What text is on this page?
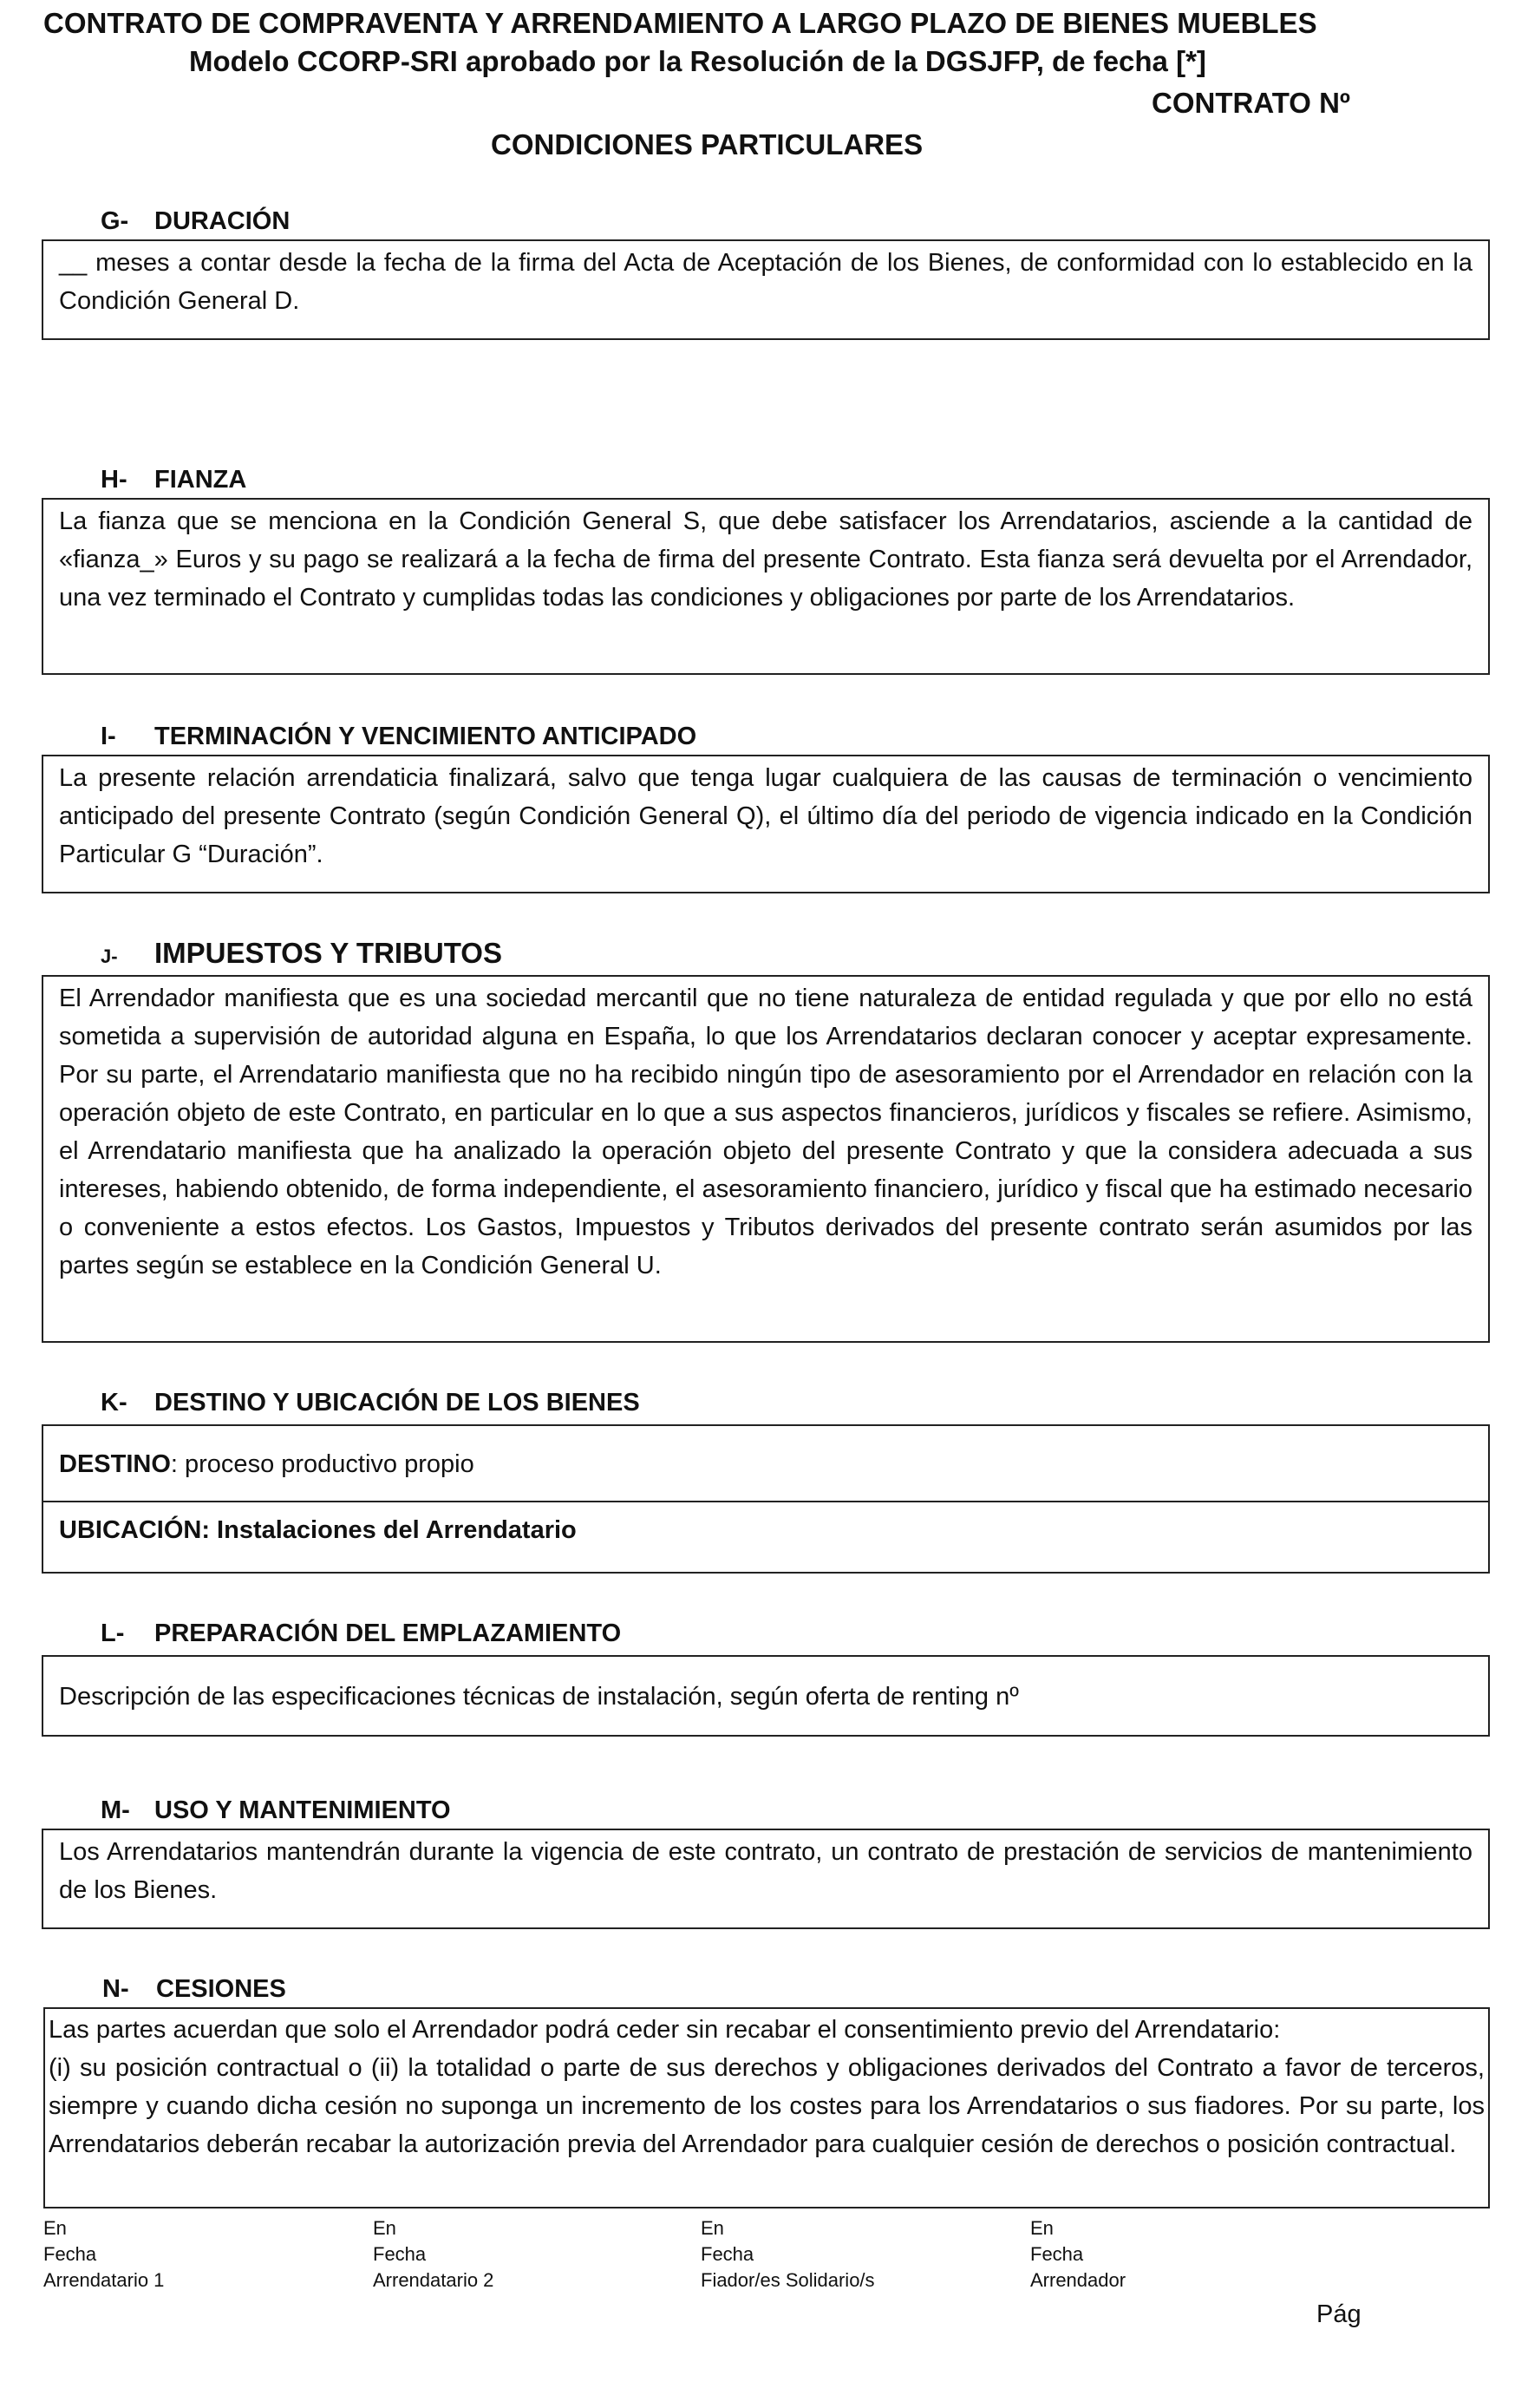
CONTRATO DE COMPRAVENTA Y ARRENDAMIENTO A LARGO PLAZO DE BIENES MUEBLES
Modelo CCORP-SRI aprobado por la Resolución de la DGSJFP, de fecha [*]
CONTRATO Nº
CONDICIONES PARTICULARES
G- DURACIÓN

__ meses a contar desde la fecha de la firma del Acta de Aceptación de los Bienes, de conformidad con lo establecido en la Condición General D.

H- FIANZA

La fianza que se menciona en la Condición General S, que debe satisfacer los Arrendatarios, asciende a la cantidad de «fianza_» Euros y su pago se realizará a la fecha de firma del presente Contrato. Esta fianza será devuelta por el Arrendador, una vez terminado el Contrato y cumplidas todas las condiciones y obligaciones por parte de los Arrendatarios.

I- TERMINACIÓN Y VENCIMIENTO ANTICIPADO

La presente relación arrendaticia finalizará, salvo que tenga lugar cualquiera de las causas de terminación o vencimiento anticipado del presente Contrato (según Condición General Q), el último día del periodo de vigencia indicado en la Condición Particular G “Duración”.

J- IMPUESTOS Y TRIBUTOS

El Arrendador manifiesta que es una sociedad mercantil que no tiene naturaleza de entidad regulada y que por ello no está sometida a supervisión de autoridad alguna en España, lo que los Arrendatarios declaran conocer y aceptar expresamente. Por su parte, el Arrendatario manifiesta que no ha recibido ningún tipo de asesoramiento por el Arrendador en relación con la operación objeto de este Contrato, en particular en lo que a sus aspectos financieros, jurídicos y fiscales se refiere. Asimismo, el Arrendatario manifiesta que ha analizado la operación objeto del presente Contrato y que la considera adecuada a sus intereses, habiendo obtenido, de forma independiente, el asesoramiento financiero, jurídico y fiscal que ha estimado necesario o conveniente a estos efectos. Los Gastos, Impuestos y Tributos derivados del presente contrato serán asumidos por las partes según se establece en la Condición General U.

K- DESTINO Y UBICACIÓN DE LOS BIENES
DESTINO: proceso productivo propio
UBICACIÓN: Instalaciones del Arrendatario
L- PREPARACIÓN DEL EMPLAZAMIENTO

Descripción de las especificaciones técnicas de instalación, según oferta de renting nº

M- USO Y MANTENIMIENTO

Los Arrendatarios mantendrán durante la vigencia de este contrato, un contrato de prestación de servicios de mantenimiento de los Bienes.

N- CESIONES

Las partes acuerdan que solo el Arrendador podrá ceder sin recabar el consentimiento previo del Arrendatario:

(i) su posición contractual o (ii) la totalidad o parte de sus derechos y obligaciones derivados del Contrato a favor de terceros, siempre y cuando dicha cesión no suponga un incremento de los costes para los Arrendatarios o sus fiadores. Por su parte, los Arrendatarios deberán recabar la autorización previa del Arrendador para cualquier cesión de derechos o posición contractual.

En
Fecha
Arrendatario 1
En
Fecha
Arrendatario 2
En
Fecha
Fiador/es Solidario/s
En
Fecha
Arrendador
Pág
